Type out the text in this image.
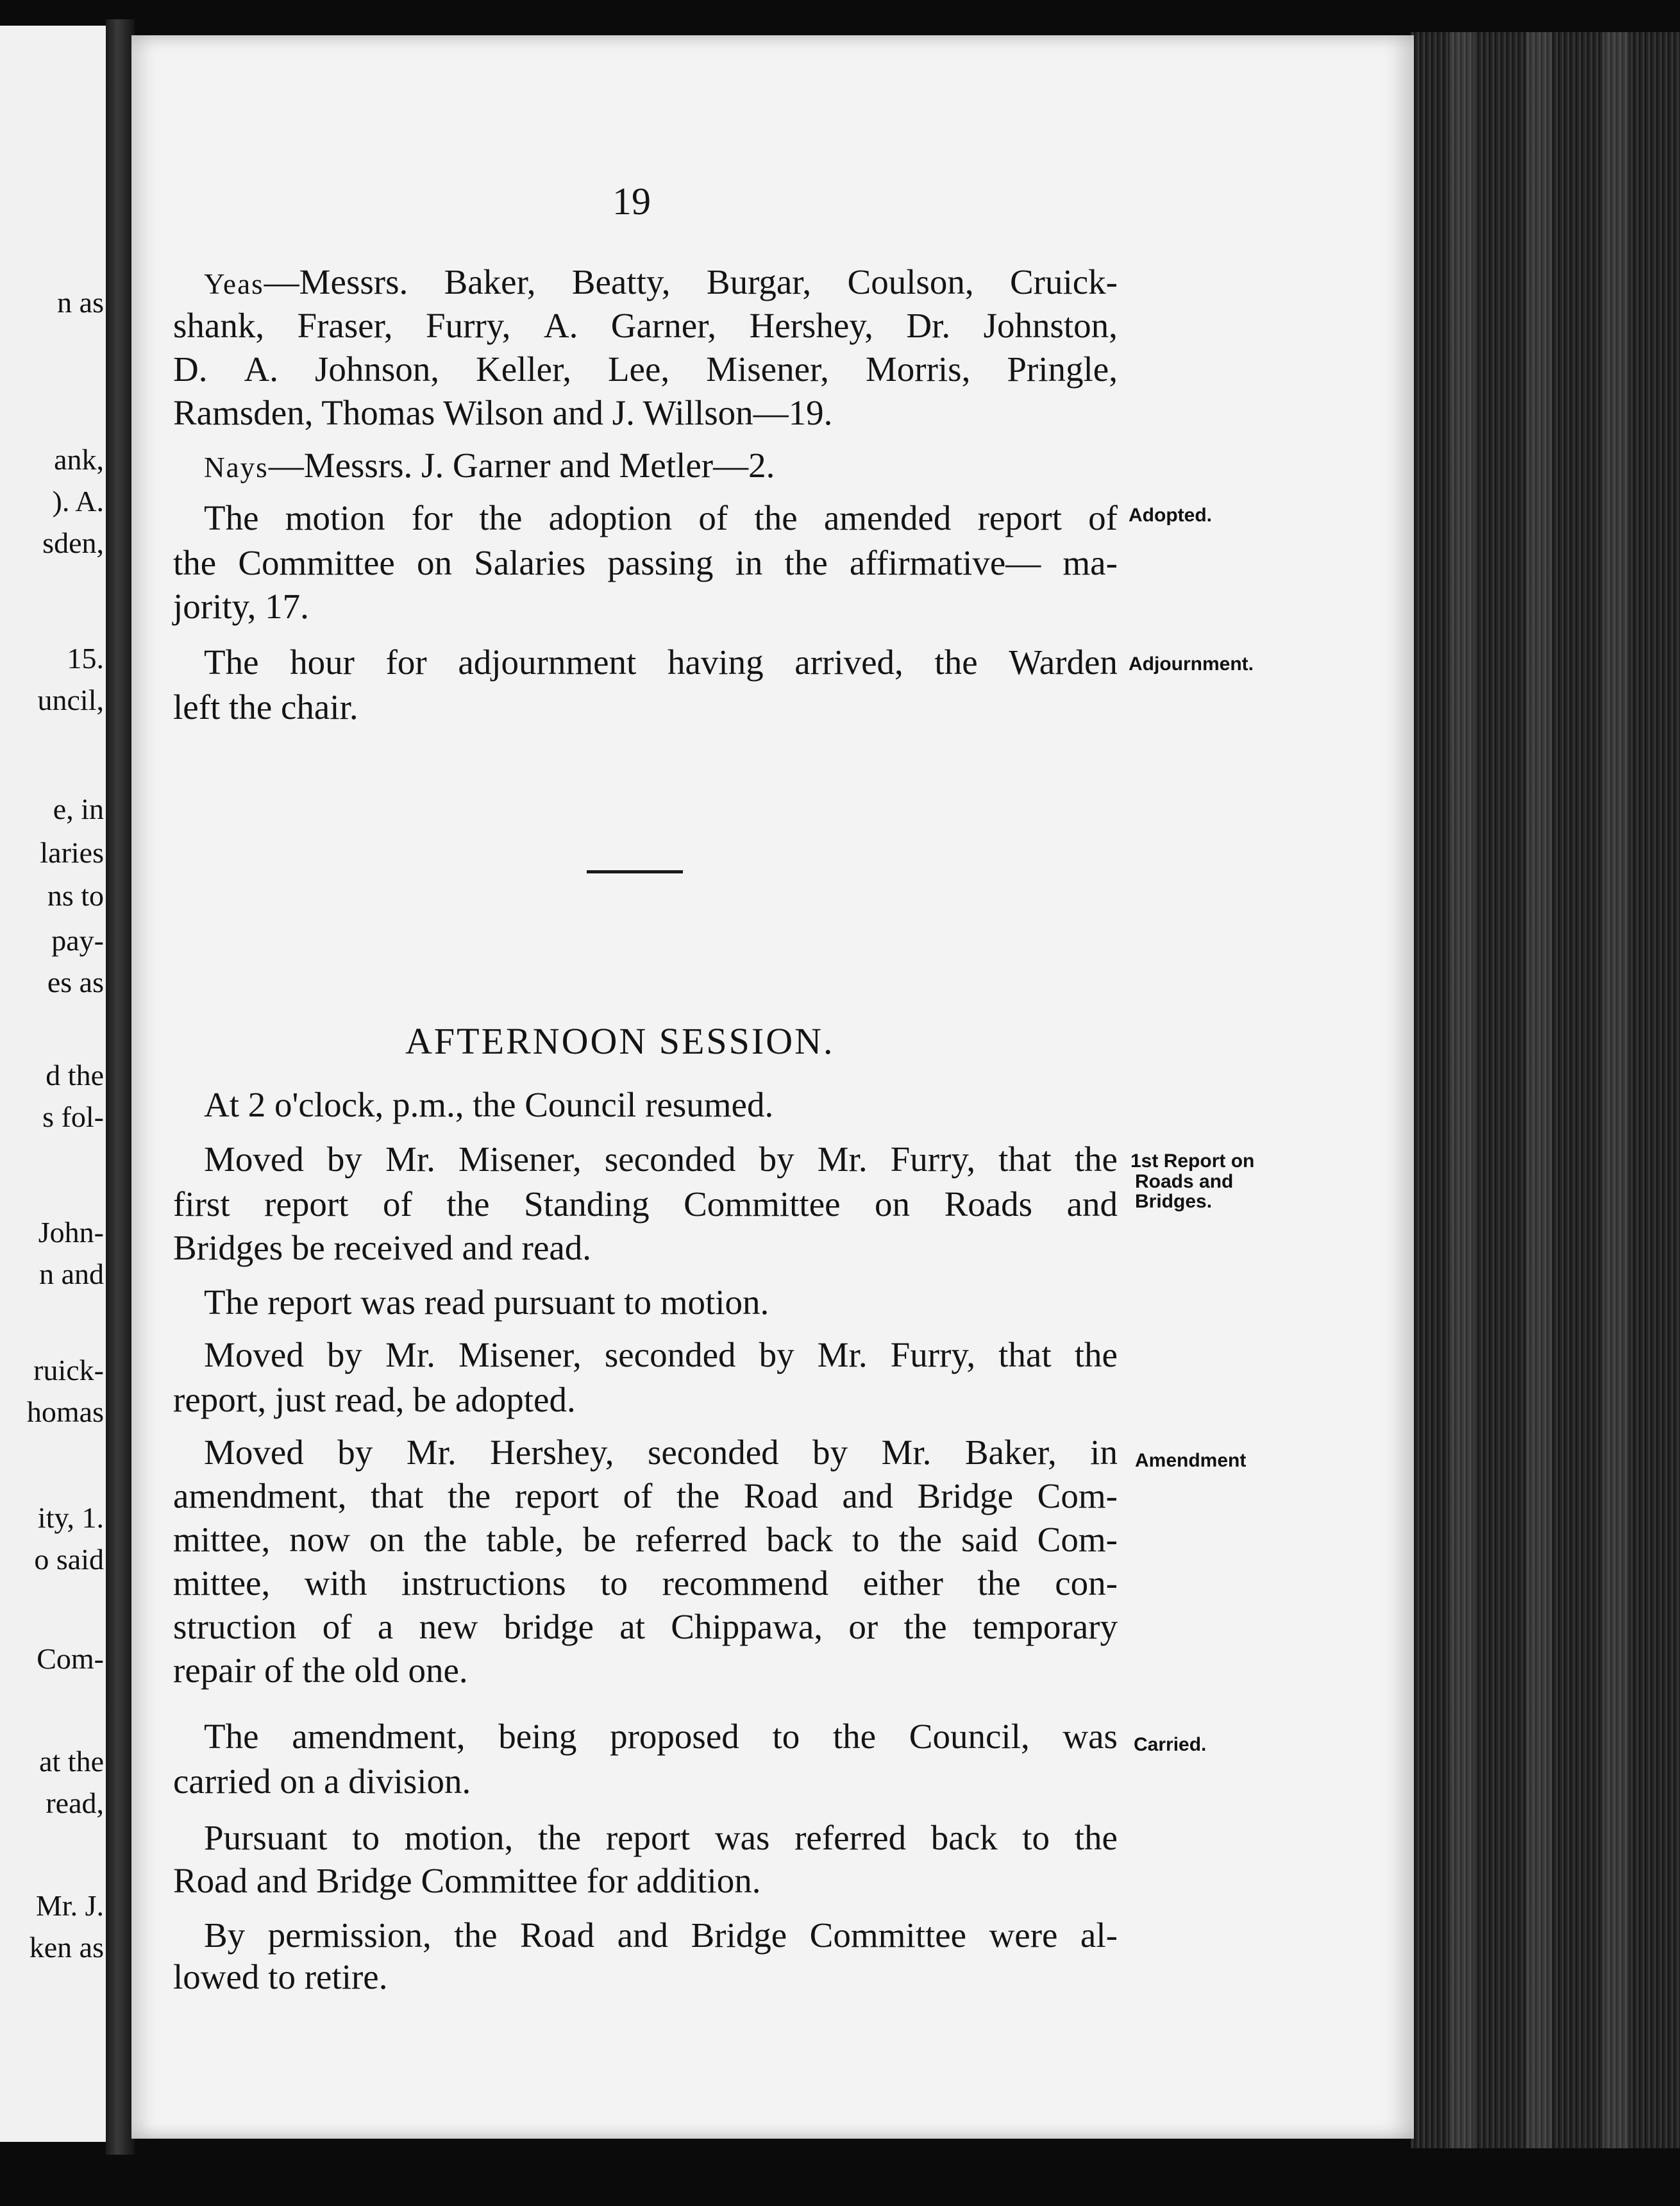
n as
ank,
). A.
sden,
15.
uncil,
e, in
laries
ns to
pay-
es as
d the
s fol-
John-
n and
ruick-
homas
ity, 1.
o said
Com-
at the
read,
Mr. J.
ken as
19
Yeas—Messrs. Baker, Beatty, Burgar, Coulson, Cruick-
shank, Fraser, Furry, A. Garner, Hershey, Dr. Johnston,
D. A. Johnson, Keller, Lee, Misener, Morris, Pringle,
Ramsden, Thomas Wilson and J. Willson—19.
Nays—Messrs. J. Garner and Metler—2.
The motion for the adoption of the amended report of
the Committee on Salaries passing in the affirmative— ma-
jority, 17.
The hour for adjournment having arrived, the Warden
left the chair.
AFTERNOON SESSION.
At 2 o'clock, p.m., the Council resumed.
Moved by Mr. Misener, seconded by Mr. Furry, that the
first report of the Standing Committee on Roads and
Bridges be received and read.
The report was read pursuant to motion.
Moved by Mr. Misener, seconded by Mr. Furry, that the
report, just read, be adopted.
Moved by Mr. Hershey, seconded by Mr. Baker, in
amendment, that the report of the Road and Bridge Com-
mittee, now on the table, be referred back to the said Com-
mittee, with instructions to recommend either the con-
struction of a new bridge at Chippawa, or the temporary
repair of the old one.
The amendment, being proposed to the Council, was
carried on a division.
Pursuant to motion, the report was referred back to the
Road and Bridge Committee for addition.
By permission, the Road and Bridge Committee were al-
lowed to retire.
Adopted.
Adjournment.
1st Report on
Roads and
Bridges.
Amendment
Carried.
